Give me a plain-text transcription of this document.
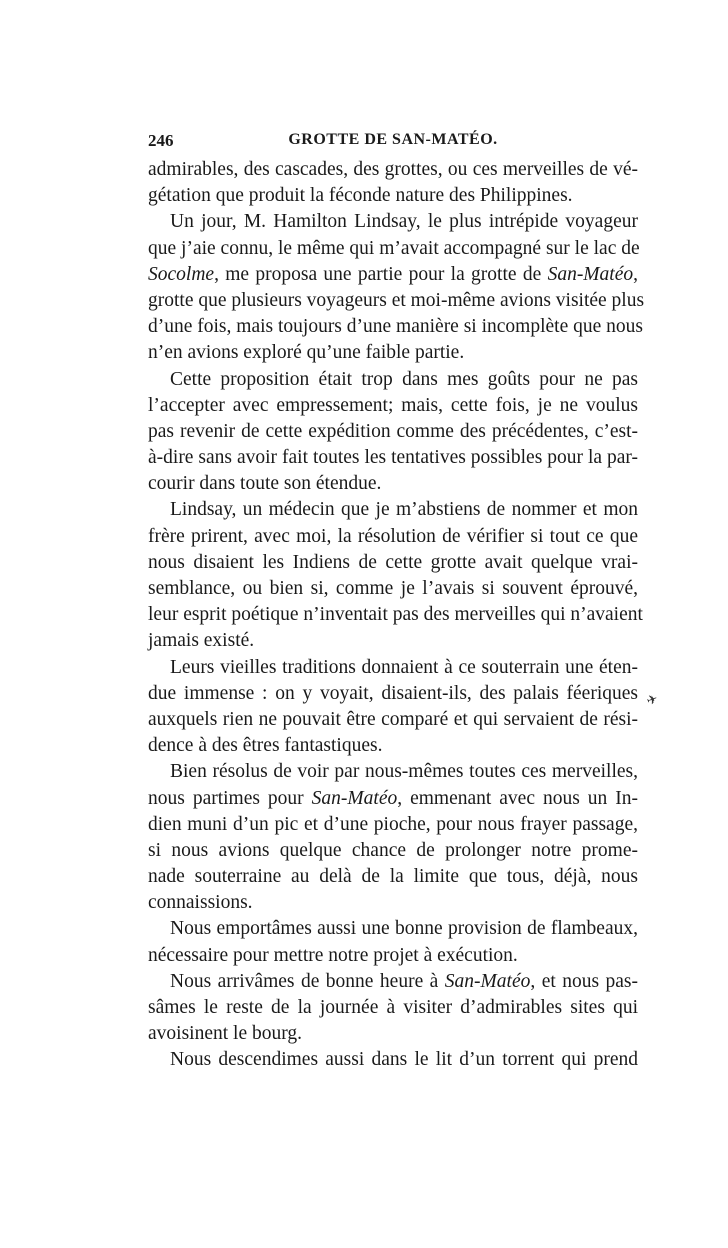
246	GROTTE DE SAN-MATÉO.
admirables, des cascades, des grottes, ou ces merveilles de vé-
gétation que produit la féconde nature des Philippines.
Un jour, M. Hamilton Lindsay, le plus intrépide voyageur
que j’aie connu, le même qui m’avait accompagné sur le lac de
Socolme, me proposa une partie pour la grotte de San-Matéo,
grotte que plusieurs voyageurs et moi-même avions visitée plus
d’une fois, mais toujours d’une manière si incomplète que nous
n’en avions exploré qu’une faible partie.
Cette proposition était trop dans mes goûts pour ne pas
l’accepter avec empressement; mais, cette fois, je ne voulus
pas revenir de cette expédition comme des précédentes, c’est-
à-dire sans avoir fait toutes les tentatives possibles pour la par-
courir dans toute son étendue.
Lindsay, un médecin que je m’abstiens de nommer et mon
frère prirent, avec moi, la résolution de vérifier si tout ce que
nous disaient les Indiens de cette grotte avait quelque vrai-
semblance, ou bien si, comme je l’avais si souvent éprouvé,
leur esprit poétique n’inventait pas des merveilles qui n’avaient
jamais existé.
Leurs vieilles traditions donnaient à ce souterrain une éten-
due immense : on y voyait, disaient-ils, des palais féeriques
auxquels rien ne pouvait être comparé et qui servaient de rési-
dence à des êtres fantastiques.
Bien résolus de voir par nous-mêmes toutes ces merveilles,
nous partimes pour San-Matéo, emmenant avec nous un In-
dien muni d’un pic et d’une pioche, pour nous frayer passage,
si nous avions quelque chance de prolonger notre prome-
nade souterraine au delà de la limite que tous, déjà, nous
connaissions.
Nous emportâmes aussi une bonne provision de flambeaux,
nécessaire pour mettre notre projet à exécution.
Nous arrivâmes de bonne heure à San-Matéo, et nous pas-
sâmes le reste de la journée à visiter d’admirables sites qui
avoisinent le bourg.
Nous descendimes aussi dans le lit d’un torrent qui prend
✈
